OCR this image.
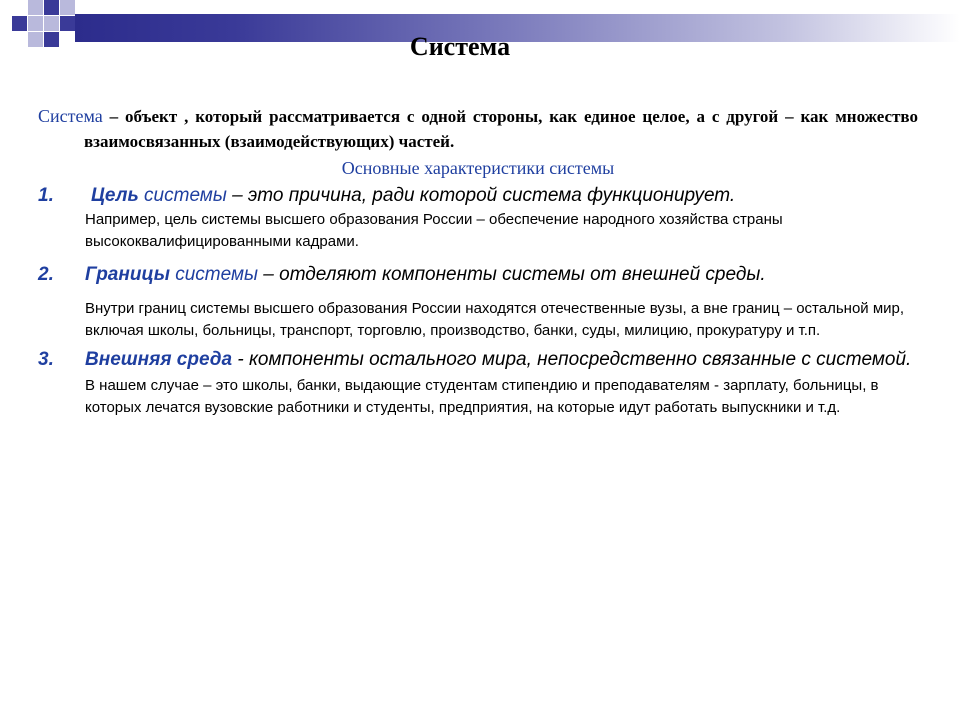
Система

Система – объект , который рассматривается с одной стороны, как единое целое, а с другой – как множество взаимосвязанных (взаимодействующих) частей.

Основные характеристики системы

1. Цель системы – это причина, ради которой система функционирует.

Например, цель системы высшего образования России – обеспечение народного хозяйства страны высококвалифицированными кадрами.

2. Границы системы – отделяют компоненты системы от внешней среды.

Внутри границ системы высшего образования России находятся отечественные вузы, а вне границ – остальной мир, включая школы, больницы, транспорт, торговлю, производство, банки, суды, милицию, прокуратуру и т.п.

3. Внешняя среда - компоненты остального мира, непосредственно связанные с системой.

В нашем случае – это школы, банки, выдающие студентам стипендию и преподавателям - зарплату, больницы, в которых лечатся вузовские работники и студенты, предприятия, на которые идут работать выпускники и т.д.
